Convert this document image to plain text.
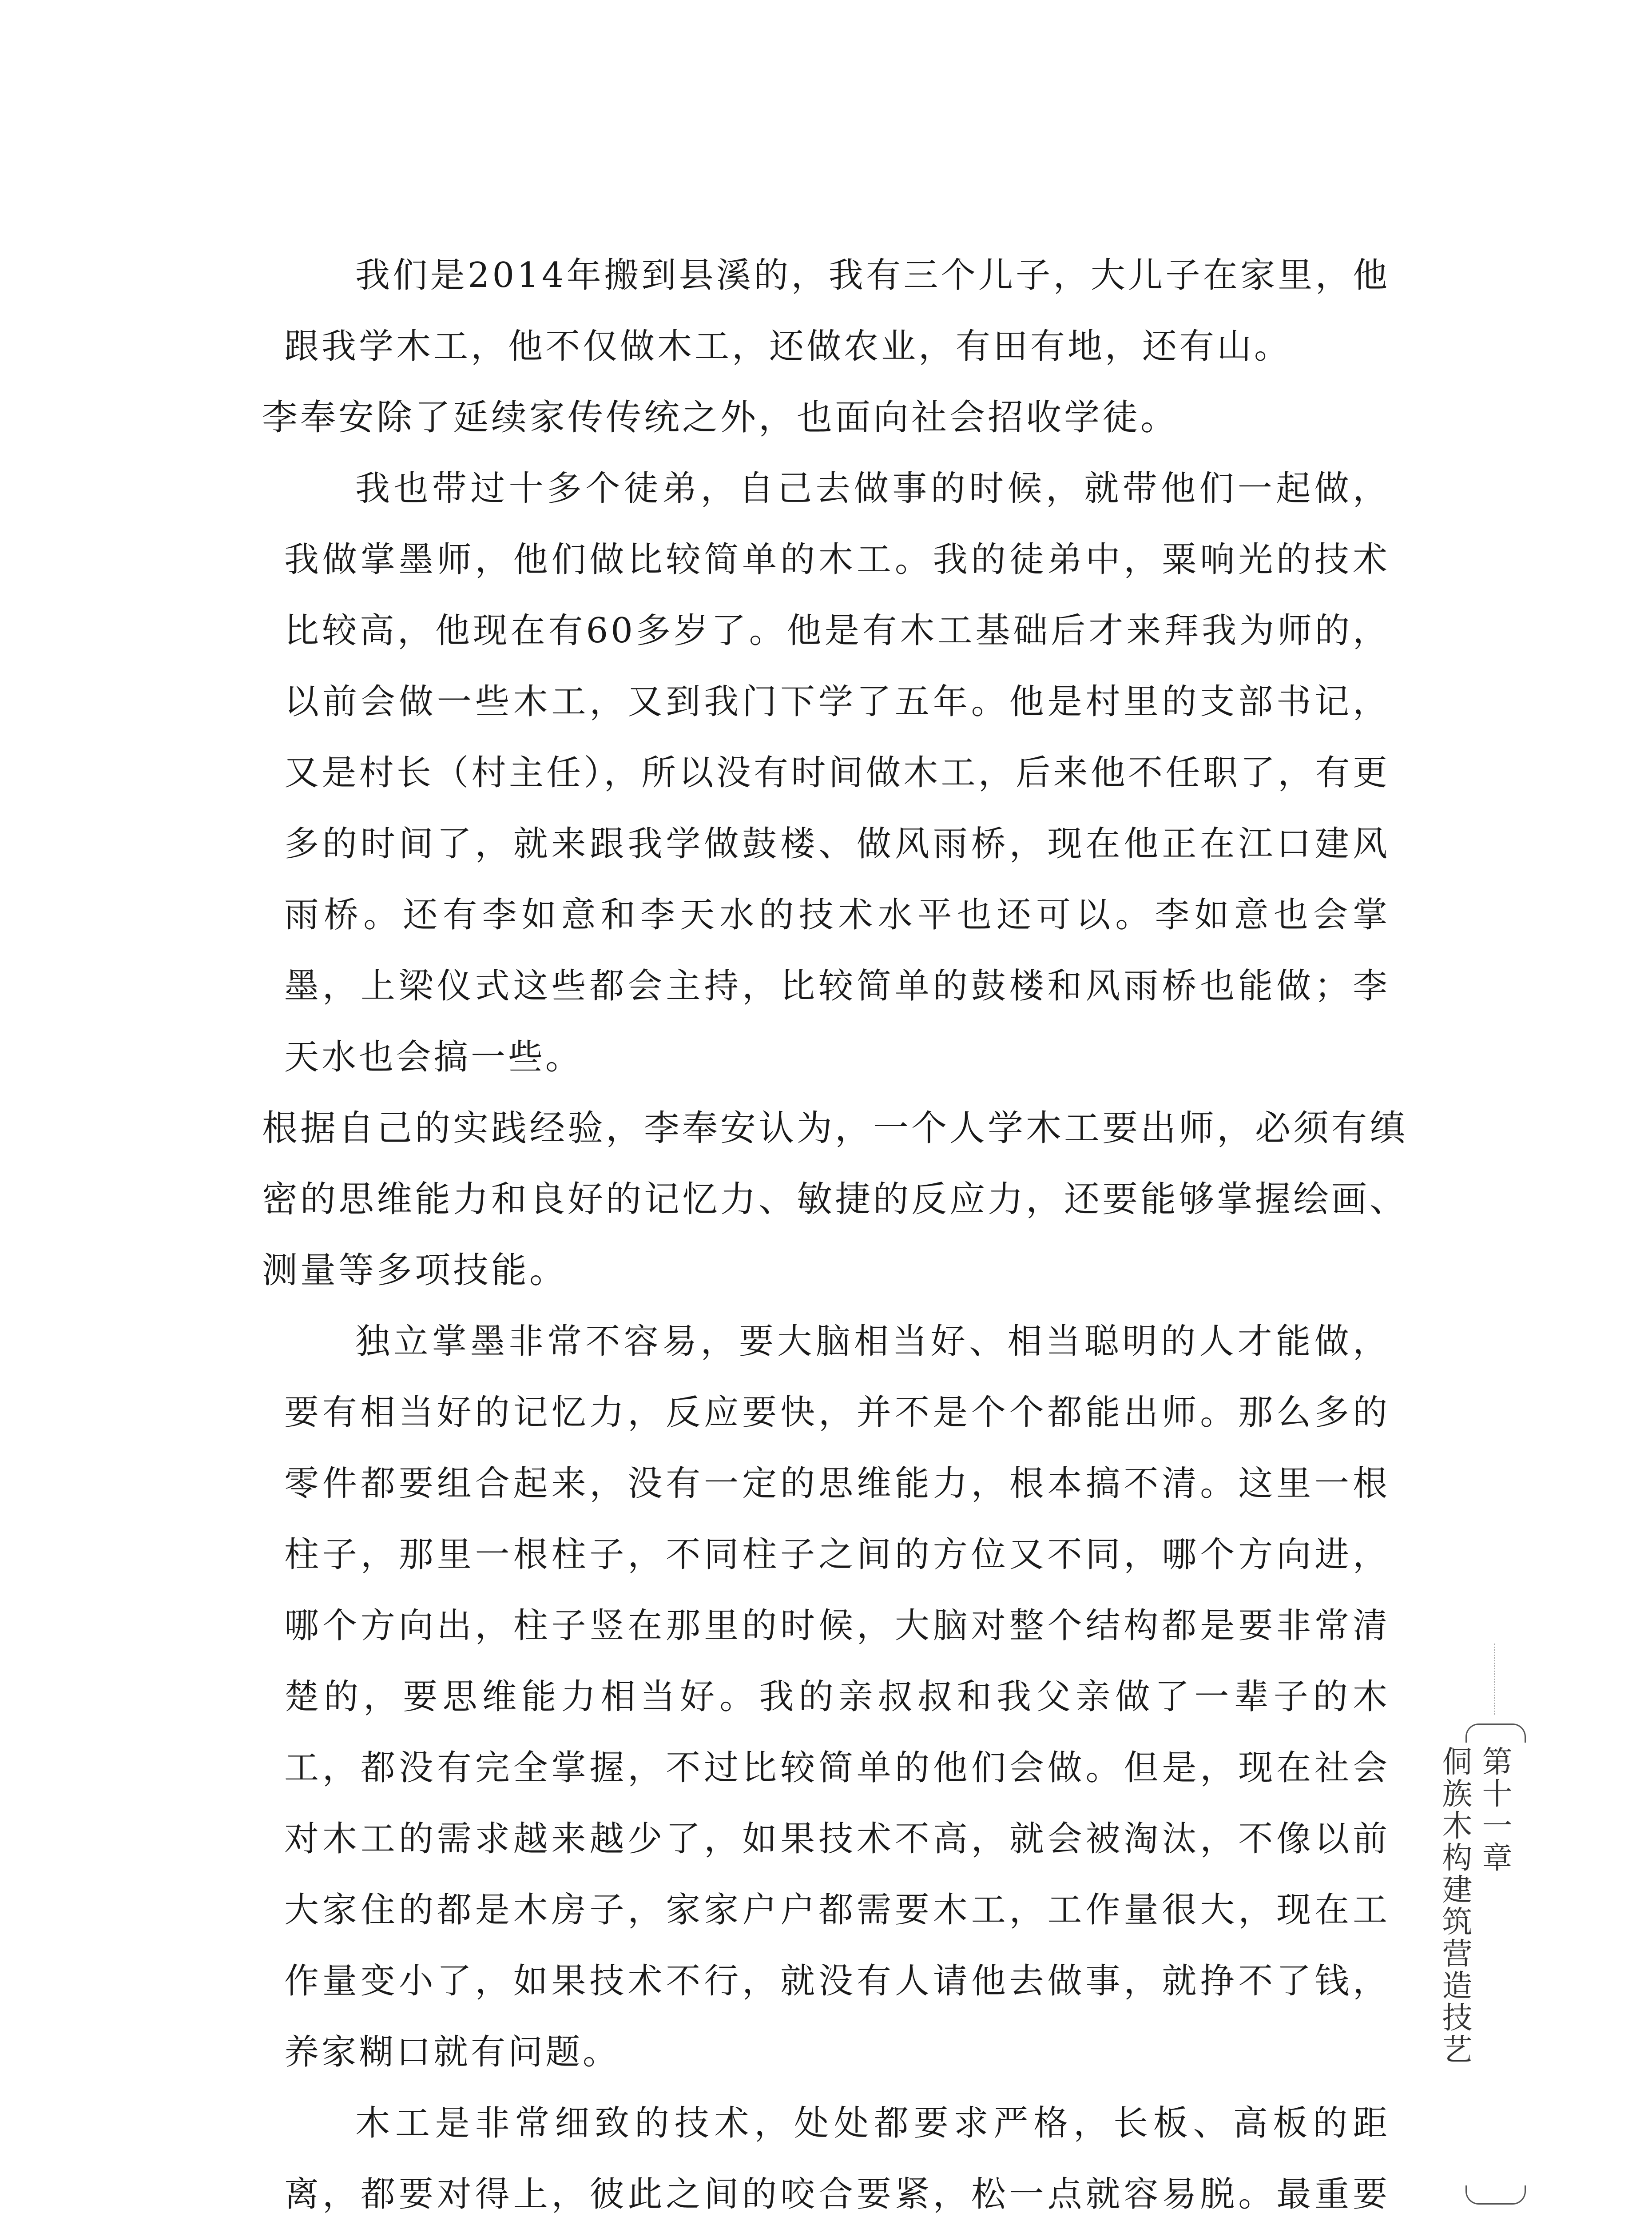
我们是2014年搬到县溪的，我有三个儿子，大儿子在家里，他跟我学木工，他不仅做木工，还做农业，有田有地，还有山。

李奉安除了延续家传传统之外，也面向社会招收学徒。

我也带过十多个徒弟，自己去做事的时候，就带他们一起做，我做掌墨师，他们做比较简单的木工。我的徒弟中，粟响光的技术比较高，他现在有60多岁了。他是有木工基础后才来拜我为师的，以前会做一些木工，又到我门下学了五年。他是村里的支部书记，又是村长（村主任），所以没有时间做木工，后来他不任职了，有更多的时间了，就来跟我学做鼓楼、做风雨桥，现在他正在江口建风雨桥。还有李如意和李天水的技术水平也还可以。李如意也会掌墨，上梁仪式这些都会主持，比较简单的鼓楼和风雨桥也能做；李天水也会搞一些。

根据自己的实践经验，李奉安认为，一个人学木工要出师，必须有缜密的思维能力和良好的记忆力、敏捷的反应力，还要能够掌握绘画、测量等多项技能。

独立掌墨非常不容易，要大脑相当好、相当聪明的人才能做，要有相当好的记忆力，反应要快，并不是个个都能出师。那么多的零件都要组合起来，没有一定的思维能力，根本搞不清。这里一根柱子，那里一根柱子，不同柱子之间的方位又不同，哪个方向进，哪个方向出，柱子竖在那里的时候，大脑对整个结构都是要非常清楚的，要思维能力相当好。我的亲叔叔和我父亲做了一辈子的木工，都没有完全掌握，不过比较简单的他们会做。但是，现在社会对木工的需求越来越少了，如果技术不高，就会被淘汰，不像以前大家住的都是木房子，家家户户都需要木工，工作量很大，现在工作量变小了，如果技术不行，就没有人请他去做事，就挣不了钱，养家糊口就有问题。

木工是非常细致的技术，处处都要求严格，长板、高板的距离，都要对得上，彼此之间的咬合要紧，松一点就容易脱。最重要

第十一章
侗族木构建筑营造技艺
